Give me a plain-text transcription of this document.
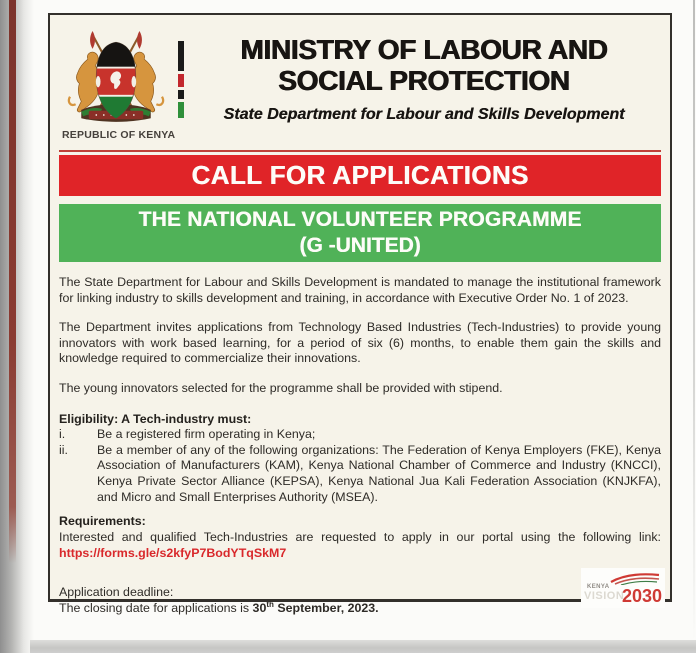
REPUBLIC OF KENYA
MINISTRY OF LABOUR AND
SOCIAL PROTECTION
State Department for Labour and Skills Development
CALL FOR APPLICATIONS
THE NATIONAL VOLUNTEER PROGRAMME
(G -UNITED)

The State Department for Labour and Skills Development is mandated to manage the institutional framework for linking industry to skills development and training, in accordance with Executive Order No. 1 of 2023.

The Department invites applications from Technology Based Industries (Tech-Industries) to provide young innovators with work based learning, for a period of six (6) months, to enable them gain the skills and knowledge required to commercialize their innovations.

The young innovators selected for the programme shall be provided with stipend.

Eligibility: A Tech-industry must:
i.	Be a registered firm operating in Kenya;
ii.	Be a member of any of the following organizations: The Federation of Kenya Employers (FKE), Kenya Association of Manufacturers (KAM), Kenya National Chamber of Commerce and Industry (KNCCI), Kenya Private Sector Alliance (KEPSA), Kenya National Jua Kali Federation Association (KNJKFA), and Micro and Small Enterprises Authority (MSEA).
Requirements:
Interested and qualified Tech-Industries are requested to apply in our portal using the following link:
https://forms.gle/s2kfyP7BodYTqSkM7
Application deadline:
The closing date for applications is 30th September, 2023.
KENYA
VISION
2030
